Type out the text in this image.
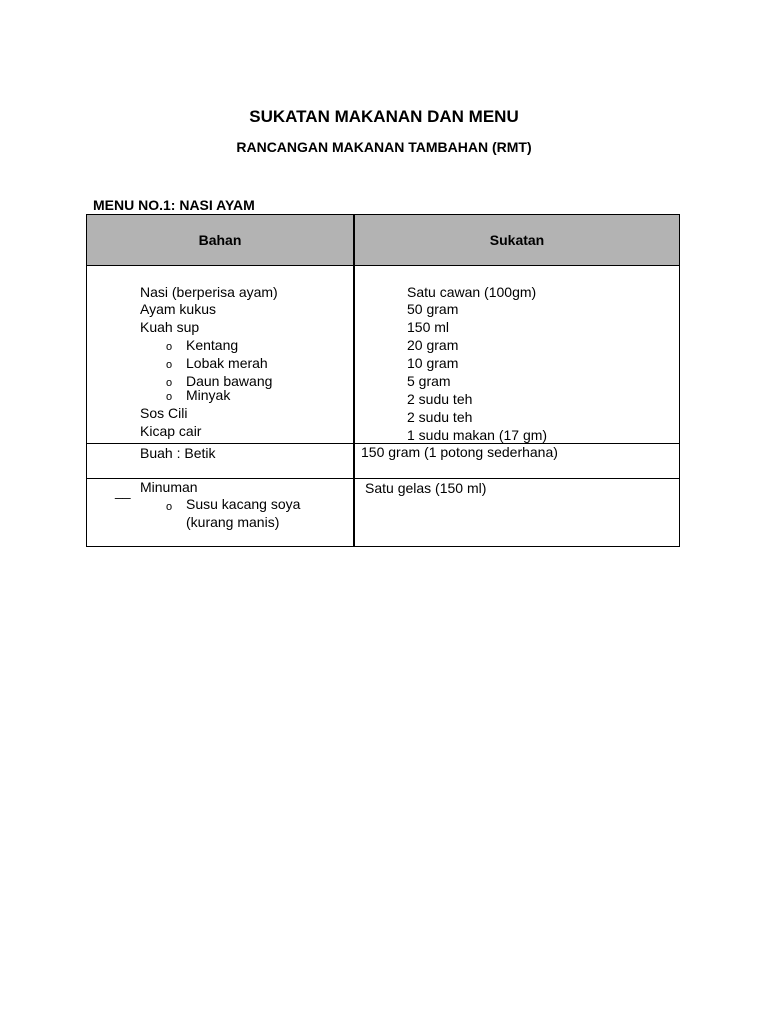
SUKATAN MAKANAN DAN MENU
RANCANGAN MAKANAN TAMBAHAN (RMT)
MENU NO.1: NASI AYAM
Bahan	Sukatan
Nasi (berperisa ayam)
Ayam kukus
Kuah sup
o Kentang
o Lobak merah
o Daun bawang
o Minyak
Sos Cili
Kicap cair
Buah : Betik
__ Minuman
o Susu kacang soya
(kurang manis)
Satu cawan (100gm)
50 gram
150 ml
20 gram
10 gram
5 gram
2 sudu teh
2 sudu teh
1 sudu makan (17 gm)
150 gram (1 potong sederhana)
Satu gelas (150 ml)
